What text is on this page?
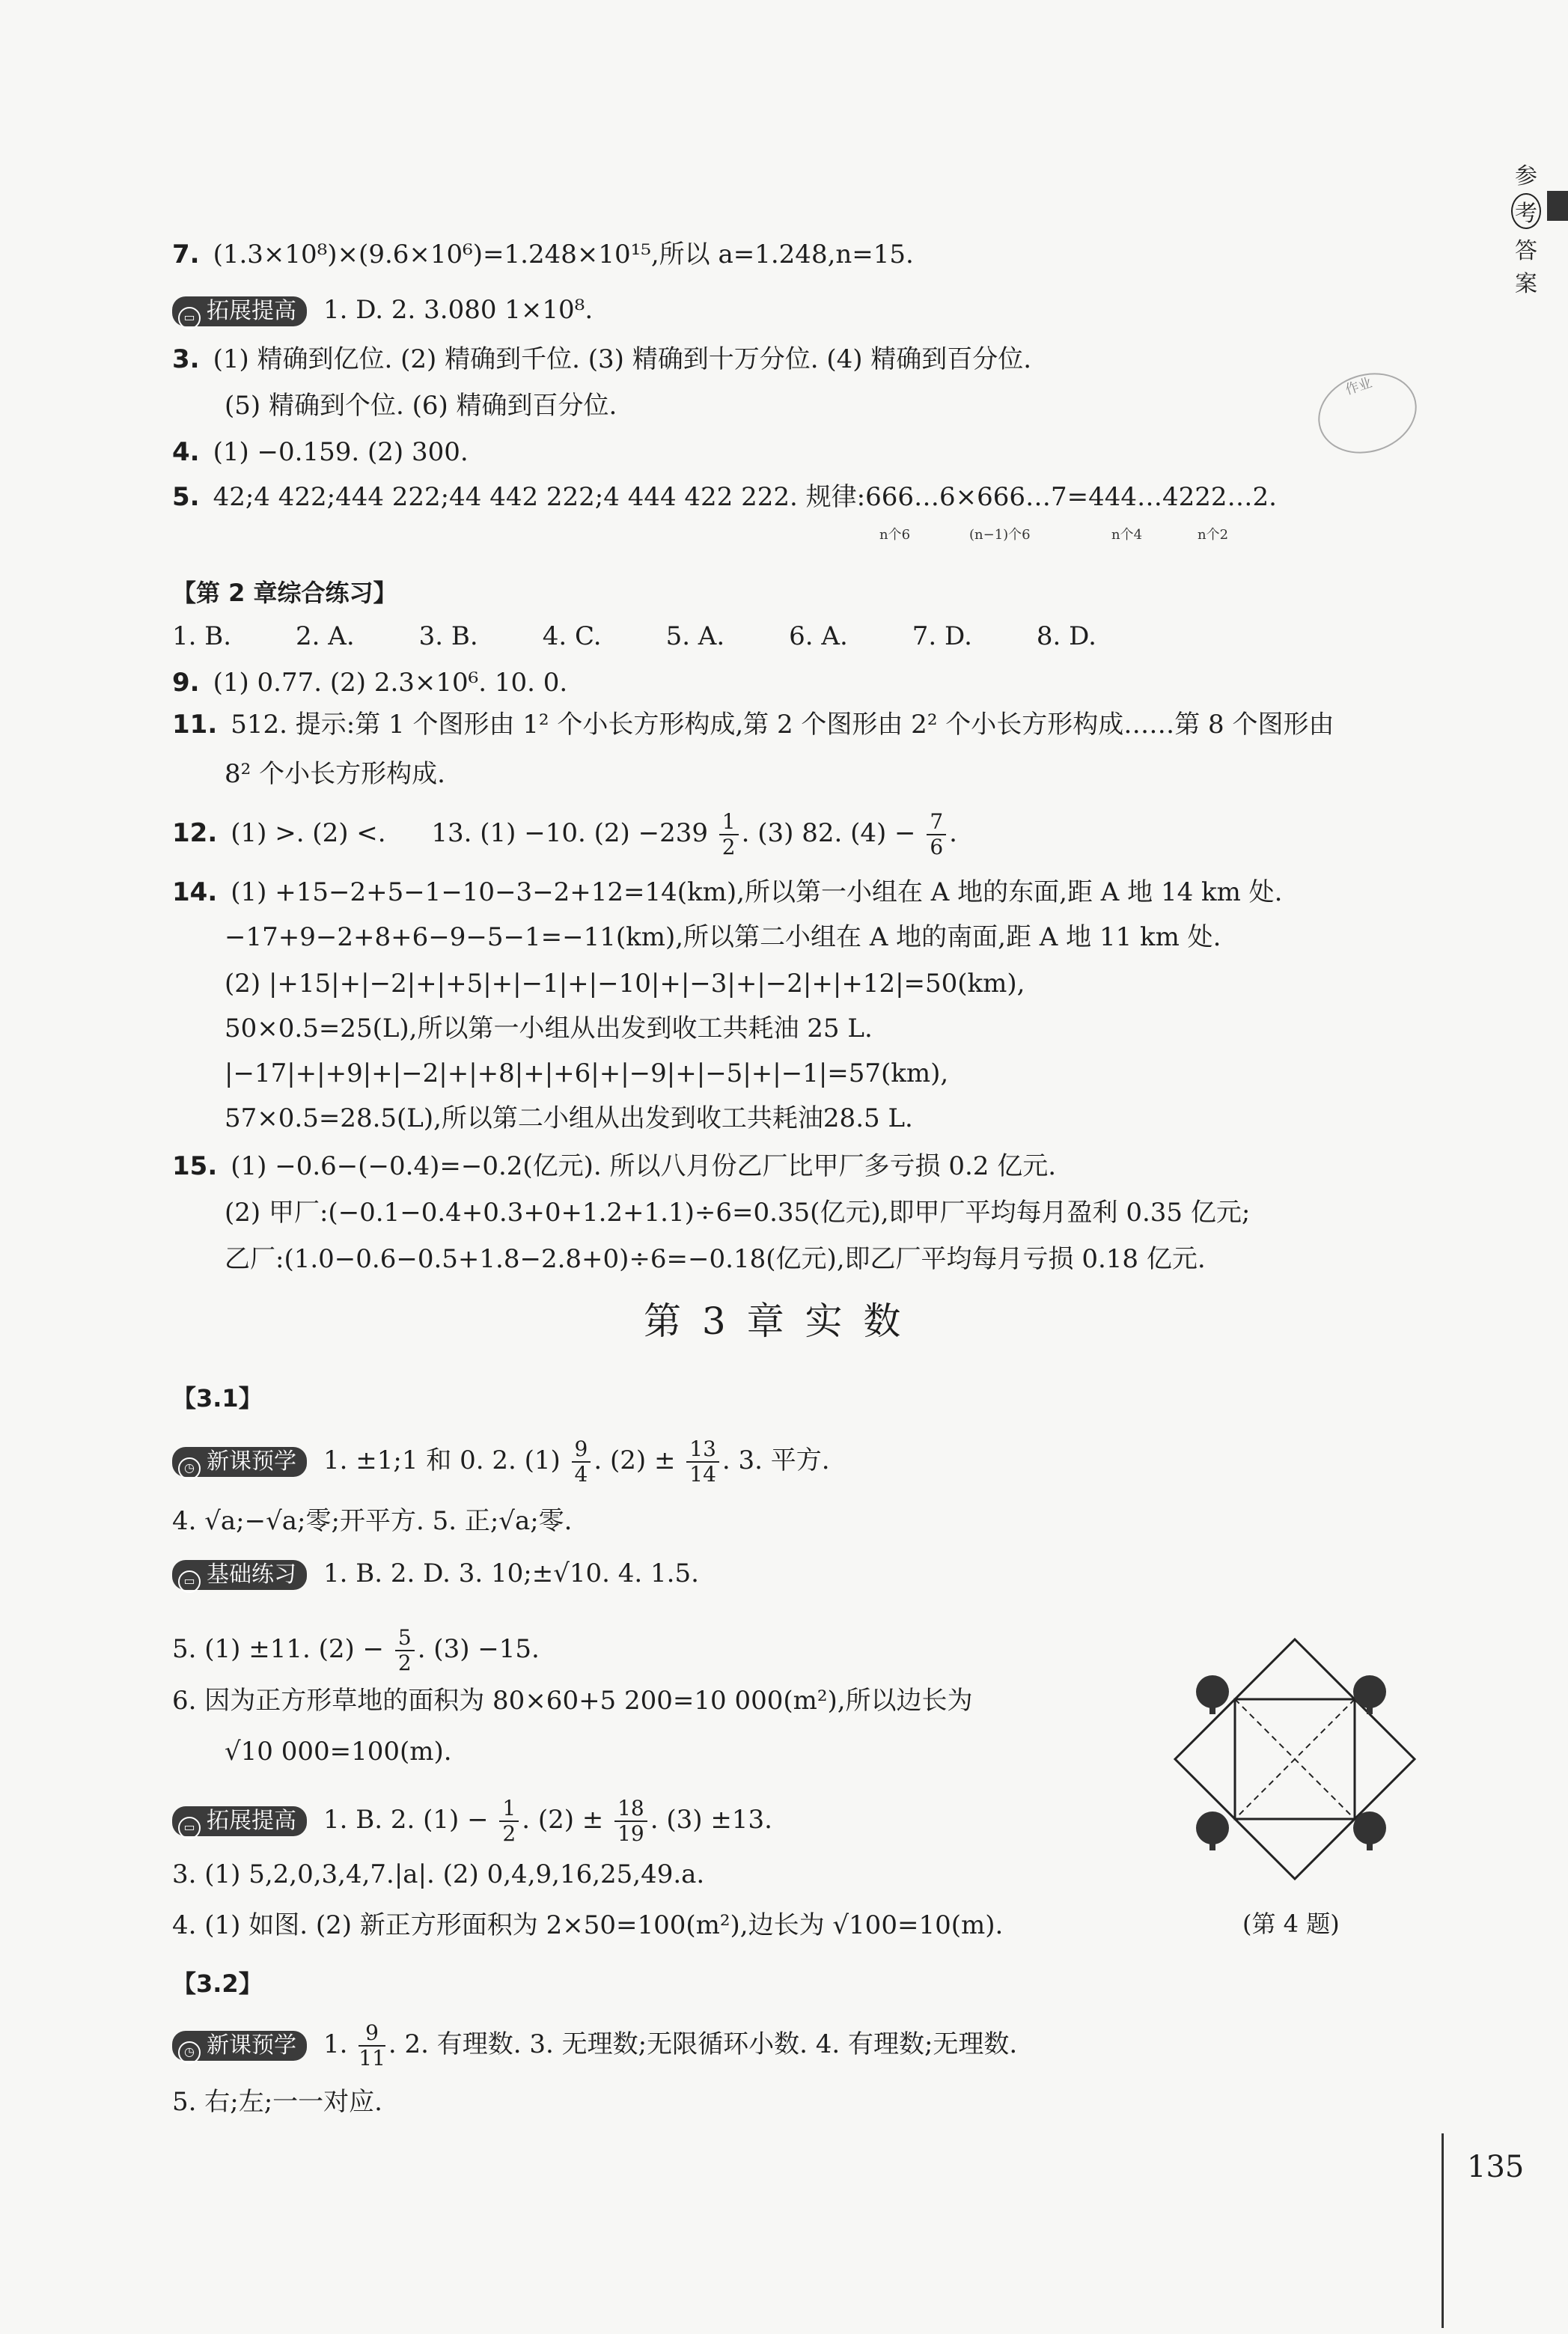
参
考
答
案
作业
7. (1.3×10⁸)×(9.6×10⁶)=1.248×10¹⁵,所以 a=1.248,n=15.
▭ 拓展提高 1. D. 2. 3.080 1×10⁸.
3. (1) 精确到亿位. (2) 精确到千位. (3) 精确到十万分位. (4) 精确到百分位.
(5) 精确到个位. (6) 精确到百分位.
4. (1) −0.159. (2) 300.
5. 42;4 422;444 222;44 442 222;4 444 422 222. 规律:666…6×666…7=444…4222…2.
n个6	(n−1)个6	n个4	n个2
【第 2 章综合练习】
1. B.	2. A.	3. B.	4. C.	5. A.	6. A.	7. D.	8. D.
9. (1) 0.77. (2) 2.3×10⁶. 10. 0.
11. 512. 提示:第 1 个图形由 1² 个小长方形构成,第 2 个图形由 2² 个小长方形构成……第 8 个图形由
8² 个小长方形构成.
12. (1) >. (2) <. 13. (1) −10. $(2) -239 \frac{1}{2}$ . (3) 82. $(4) - \frac{7}{6}$ .
14. (1) +15−2+5−1−10−3−2+12=14(km),所以第一小组在 A 地的东面,距 A 地 14 km 处.
−17+9−2+8+6−9−5−1=−11(km),所以第二小组在 A 地的南面,距 A 地 11 km 处.
(2) |+15|+|−2|+|+5|+|−1|+|−10|+|−3|+|−2|+|+12|=50(km),
50×0.5=25(L),所以第一小组从出发到收工共耗油 25 L.
|−17|+|+9|+|−2|+|+8|+|+6|+|−9|+|−5|+|−1|=57(km),
57×0.5=28.5(L),所以第二小组从出发到收工共耗油28.5 L.
15. (1) −0.6−(−0.4)=−0.2(亿元). 所以八月份乙厂比甲厂多亏损 0.2 亿元.
(2) 甲厂:(−0.1−0.4+0.3+0+1.2+1.1)÷6=0.35(亿元),即甲厂平均每月盈利 0.35 亿元;
乙厂:(1.0−0.6−0.5+1.8−2.8+0)÷6=−0.18(亿元),即乙厂平均每月亏损 0.18 亿元.
第 3 章 实 数
【3.1】
◷ 新课预学 1. ±1;1 和 0. 2. $(1) \frac{9}{4}$ . $(2) \pm \frac{13}{14}$ . 3. 平方.
4. √a;−√a;零;开平方. 5. 正;√a;零.
▭ 基础练习 1. B. 2. D. 3. 10;±√10. 4. 1.5.
5. (1) ±11. $(2) - \frac{5}{2}$ . (3) −15.
6. 因为正方形草地的面积为 80×60+5 200=10 000(m²),所以边长为
√10 000=100(m).
▭ 拓展提高 1. B. 2. $(1) - \frac{1}{2}$ . $(2) \pm \frac{18}{19}$ . (3) ±13.
3. (1) 5,2,0,3,4,7.|a|. (2) 0,4,9,16,25,49.a.
4. (1) 如图. (2) 新正方形面积为 2×50=100(m²),边长为 √100=10(m).	(第 4 题)
【3.2】
◷ 新课预学 1. $\frac{9}{11}$ . 2. 有理数. 3. 无理数;无限循环小数. 4. 有理数;无理数.
5. 右;左;一一对应.
135
